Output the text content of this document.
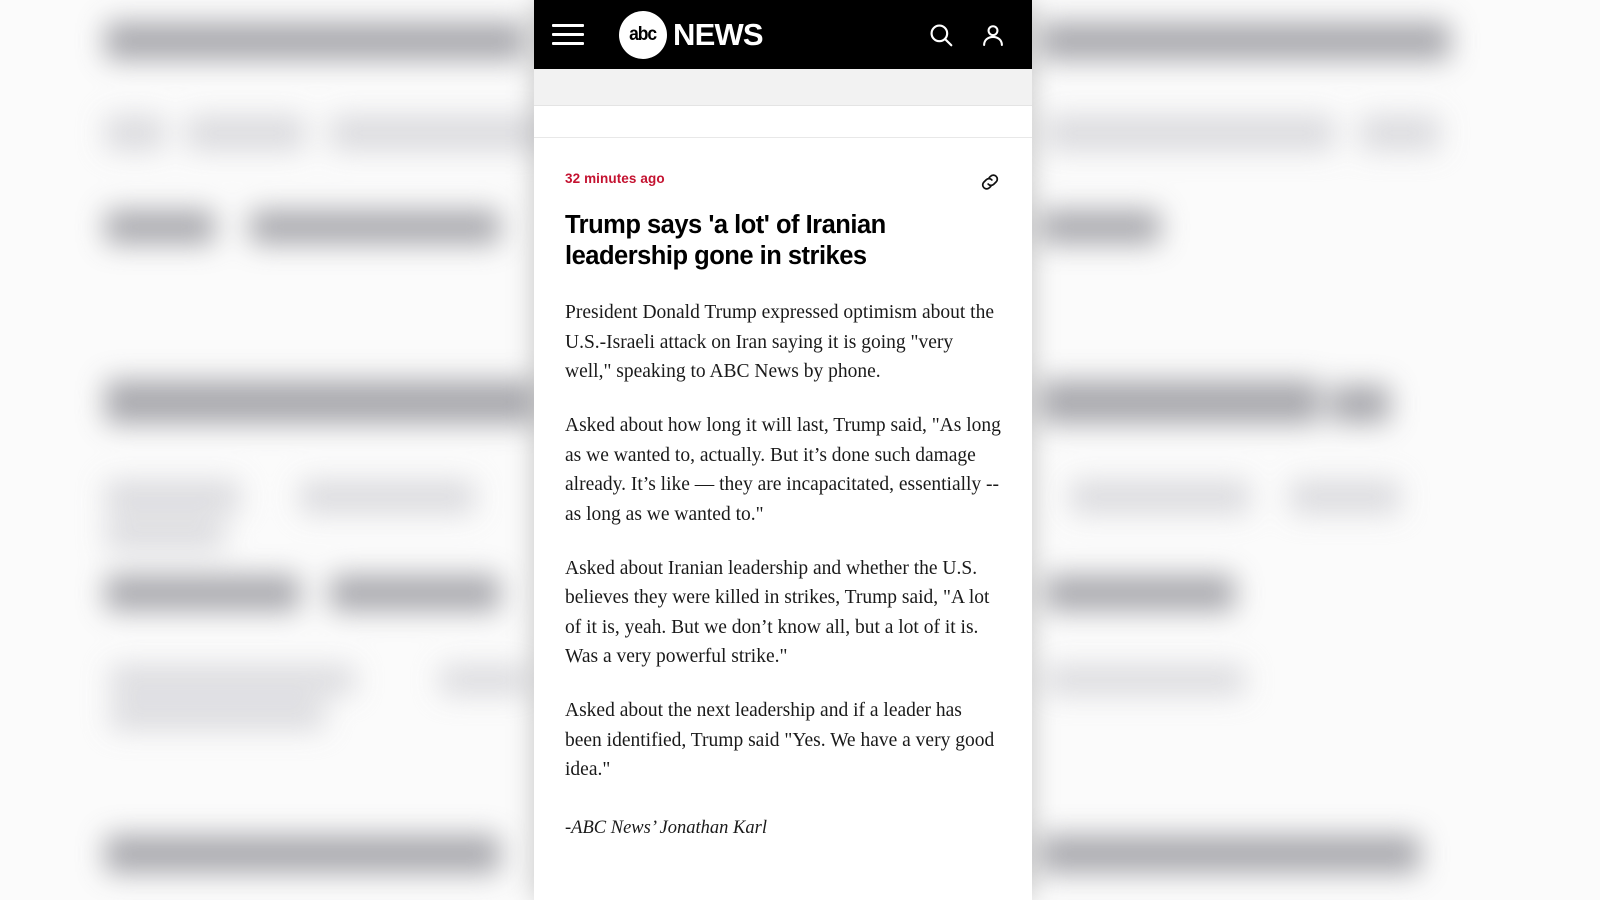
abc NEWS
32 minutes ago
Trump says 'a lot' of Iranian leadership gone in strikes

President Donald Trump expressed optimism about the U.S.-Israeli attack on Iran saying it is going "very well," speaking to ABC News by phone.

Asked about how long it will last, Trump said, "As long as we wanted to, actually. But it’s done such damage already. It’s like — they are incapacitated, essentially -- as long as we wanted to."

Asked about Iranian leadership and whether the U.S. believes they were killed in strikes, Trump said, "A lot of it is, yeah. But we don’t know all, but a lot of it is. Was a very powerful strike."

Asked about the next leadership and if a leader has been identified, Trump said "Yes. We have a very good idea."

-ABC News’ Jonathan Karl
